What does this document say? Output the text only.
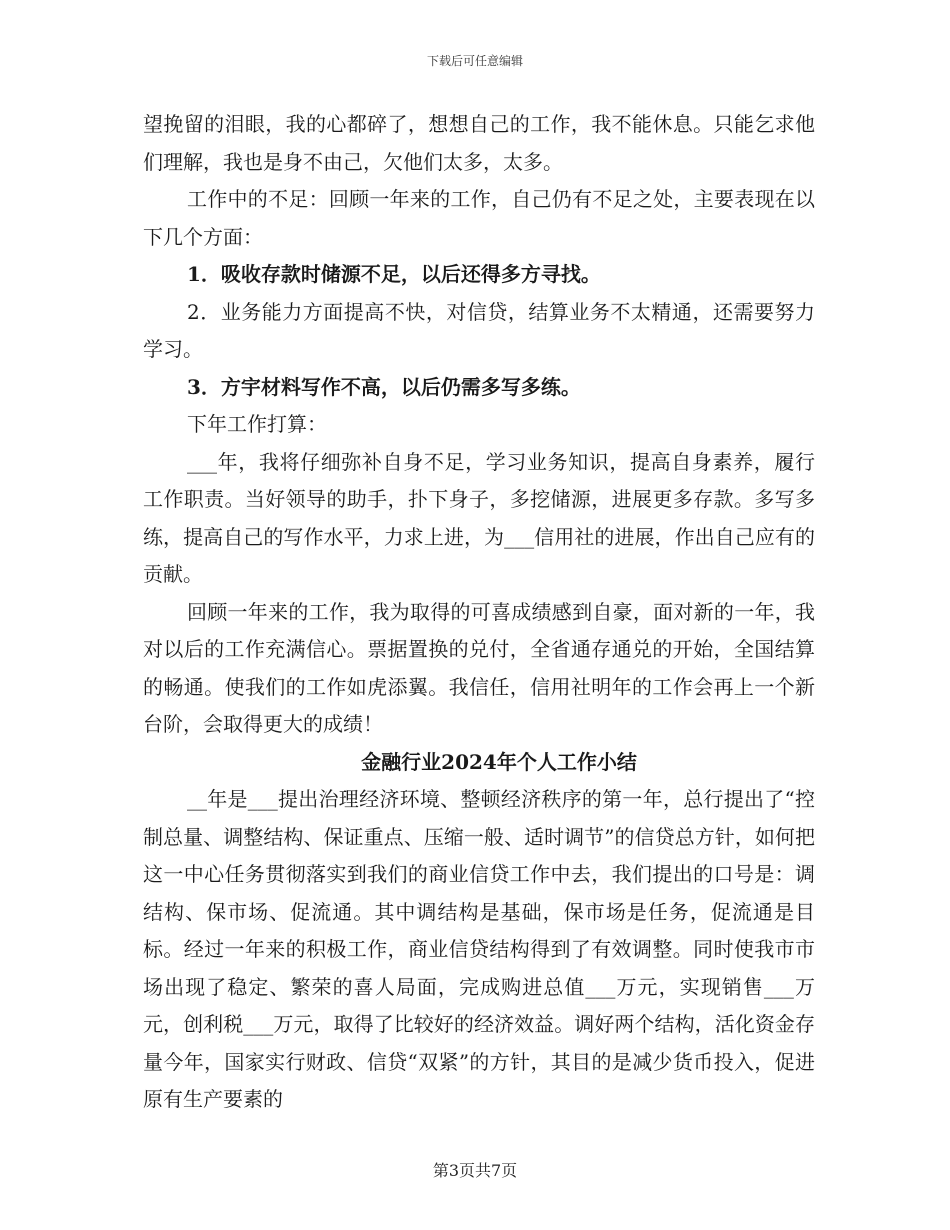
下载后可任意编辑

望挽留的泪眼，我的心都碎了，想想自己的工作，我不能休息。只能乞求他们理解，我也是身不由己，欠他们太多，太多。

工作中的不足：回顾一年来的工作，自己仍有不足之处，主要表现在以下几个方面：

1．吸收存款时储源不足，以后还得多方寻找。

2．业务能力方面提高不快，对信贷，结算业务不太精通，还需要努力学习。

3．方宇材料写作不高，以后仍需多写多练。

下年工作打算：

___年，我将仔细弥补自身不足，学习业务知识，提高自身素养，履行工作职责。当好领导的助手，扑下身子，多挖储源，进展更多存款。多写多练，提高自己的写作水平，力求上进，为___信用社的进展，作出自己应有的贡献。

回顾一年来的工作，我为取得的可喜成绩感到自豪，面对新的一年，我对以后的工作充满信心。票据置换的兑付，全省通存通兑的开始，全国结算的畅通。使我们的工作如虎添翼。我信任，信用社明年的工作会再上一个新台阶，会取得更大的成绩！

金融行业2024年个人工作小结

__年是___提出治理经济环境、整顿经济秩序的第一年，总行提出了“控制总量、调整结构、保证重点、压缩一般、适时调节”的信贷总方针，如何把这一中心任务贯彻落实到我们的商业信贷工作中去，我们提出的口号是：调结构、保市场、促流通。其中调结构是基础，保市场是任务，促流通是目标。经过一年来的积极工作，商业信贷结构得到了有效调整。同时使我市市场出现了稳定、繁荣的喜人局面，完成购进总值___万元，实现销售___万元，创利税___万元，取得了比较好的经济效益。调好两个结构，活化资金存量今年，国家实行财政、信贷“双紧”的方针，其目的是减少货币投入，促进原有生产要素的

第3页共7页
